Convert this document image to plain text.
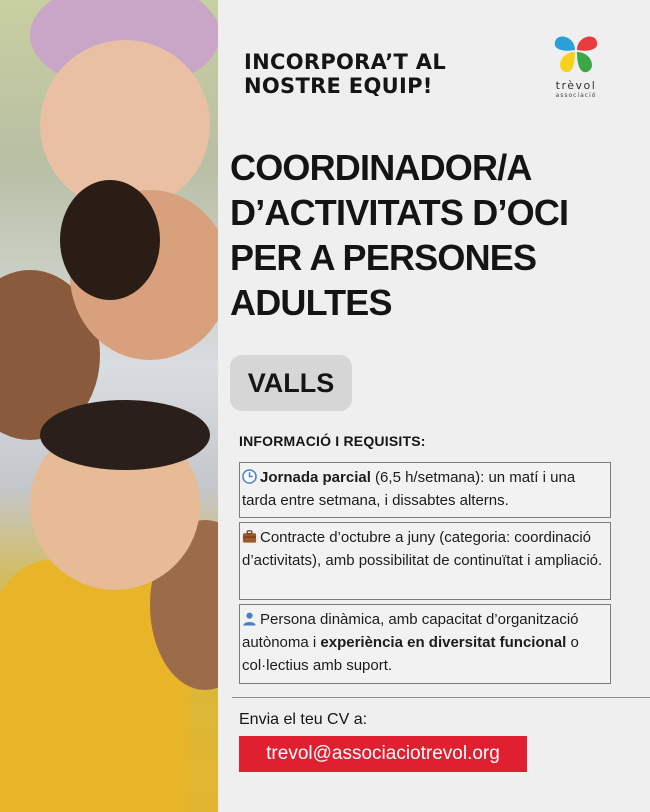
INCORPORA’T AL
NOSTRE EQUIP!	trèvol
associació
COORDINADOR/A
D’ACTIVITATS D’OCI
PER A PERSONES
ADULTES
VALLS
INFORMACIÓ I REQUISITS:
Jornada parcial (6,5 h/setmana): un matí i una tarda entre setmana, i dissabtes alterns.
Contracte d’octubre a juny (categoria: coordinació d’activitats), amb possibilitat de continuïtat i ampliació.
Persona dinàmica, amb capacitat d’organització autònoma i experiència en diversitat funcional o col·lectius amb suport.
Envia el teu CV a:
trevol@associaciotrevol.org
